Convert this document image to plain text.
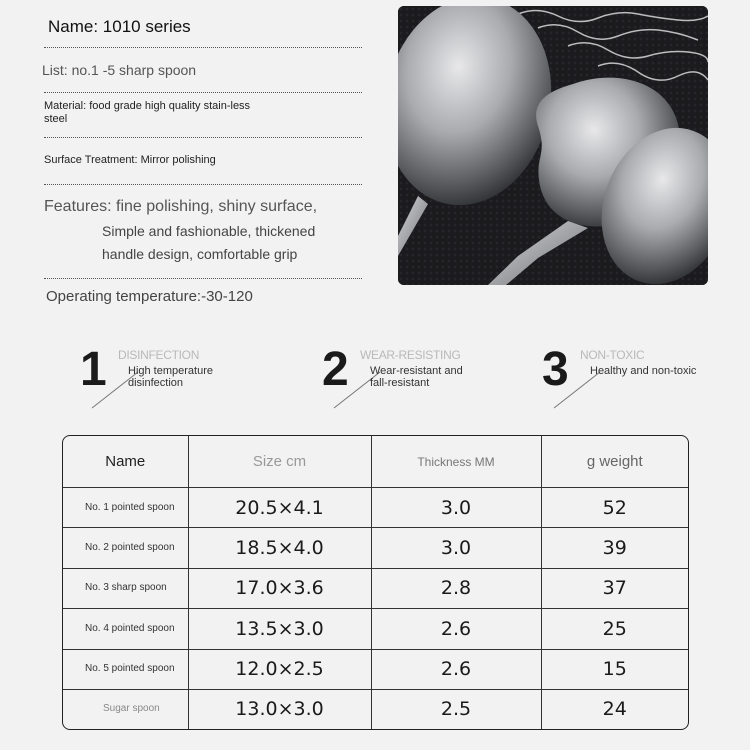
Name: 1010 series
List: no.1 -5 sharp spoon
Material: food grade high quality stain-less steel
Surface Treatment: Mirror polishing
Features: fine polishing, shiny surface,
Simple and fashionable, thickened
handle design, comfortable grip
Operating temperature:-30-120
1 DISINFECTION
High temperature disinfection	2 WEAR-RESISTING
Wear-resistant and fall-resistant	3 NON-TOXIC
Healthy and non-toxic
Name	Size cm	Thickness MM	g weight
No. 1 pointed spoon	20.5×4.1	3.0	52
No. 2 pointed spoon	18.5×4.0	3.0	39
No. 3 sharp spoon	17.0×3.6	2.8	37
No. 4 pointed spoon	13.5×3.0	2.6	25
No. 5 pointed spoon	12.0×2.5	2.6	15
Sugar spoon	13.0×3.0	2.5	24
